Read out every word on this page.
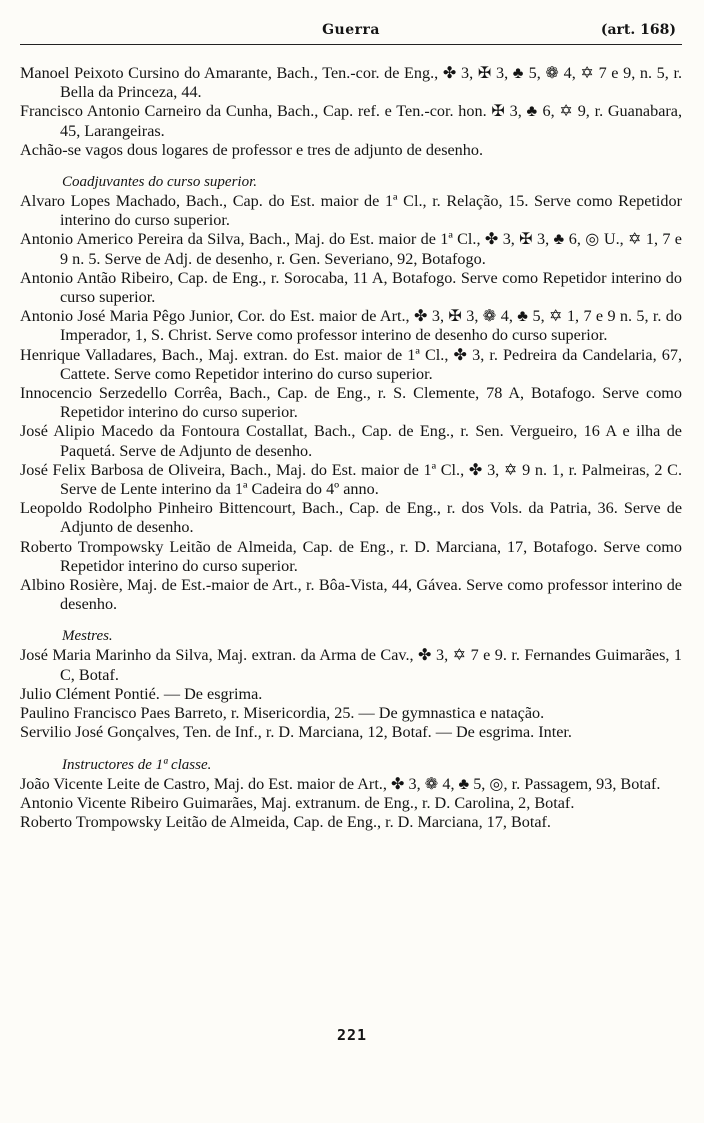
Guerra	(art. 168)

Manoel Peixoto Cursino do Amarante, Bach., Ten.-cor. de Eng., ✤ 3, ✠ 3, ♣ 5, ❁ 4, ✡ 7 e 9, n. 5, r. Bella da Princeza, 44.

Francisco Antonio Carneiro da Cunha, Bach., Cap. ref. e Ten.-cor. hon. ✠ 3, ♣ 6, ✡ 9, r. Guanabara, 45, Larangeiras.

Achão-se vagos dous logares de professor e tres de adjunto de desenho.

Coadjuvantes do curso superior.

Alvaro Lopes Machado, Bach., Cap. do Est. maior de 1ª Cl., r. Relação, 15. Serve como Repetidor interino do curso superior.

Antonio Americo Pereira da Silva, Bach., Maj. do Est. maior de 1ª Cl., ✤ 3, ✠ 3, ♣ 6, ◎ U., ✡ 1, 7 e 9 n. 5. Serve de Adj. de desenho, r. Gen. Severiano, 92, Botafogo.

Antonio Antão Ribeiro, Cap. de Eng., r. Sorocaba, 11 A, Botafogo. Serve como Repetidor interino do curso superior.

Antonio José Maria Pêgo Junior, Cor. do Est. maior de Art., ✤ 3, ✠ 3, ❁ 4, ♣ 5, ✡ 1, 7 e 9 n. 5, r. do Imperador, 1, S. Christ. Serve como professor interino de desenho do curso superior.

Henrique Valladares, Bach., Maj. extran. do Est. maior de 1ª Cl., ✤ 3, r. Pedreira da Candelaria, 67, Cattete. Serve como Repetidor interino do curso superior.

Innocencio Serzedello Corrêa, Bach., Cap. de Eng., r. S. Clemente, 78 A, Botafogo. Serve como Repetidor interino do curso superior.

José Alipio Macedo da Fontoura Costallat, Bach., Cap. de Eng., r. Sen. Vergueiro, 16 A e ilha de Paquetá. Serve de Adjunto de desenho.

José Felix Barbosa de Oliveira, Bach., Maj. do Est. maior de 1ª Cl., ✤ 3, ✡ 9 n. 1, r. Palmeiras, 2 C. Serve de Lente interino da 1ª Cadeira do 4º anno.

Leopoldo Rodolpho Pinheiro Bittencourt, Bach., Cap. de Eng., r. dos Vols. da Patria, 36. Serve de Adjunto de desenho.

Roberto Trompowsky Leitão de Almeida, Cap. de Eng., r. D. Marciana, 17, Botafogo. Serve como Repetidor interino do curso superior.

Albino Rosière, Maj. de Est.-maior de Art., r. Bôa-Vista, 44, Gávea. Serve como professor interino de desenho.

Mestres.

José Maria Marinho da Silva, Maj. extran. da Arma de Cav., ✤ 3, ✡ 7 e 9. r. Fernandes Guimarães, 1 C, Botaf.

Julio Clément Pontié. — De esgrima.

Paulino Francisco Paes Barreto, r. Misericordia, 25. — De gymnastica e natação.

Servilio José Gonçalves, Ten. de Inf., r. D. Marciana, 12, Botaf. — De esgrima. Inter.

Instructores de 1ª classe.

João Vicente Leite de Castro, Maj. do Est. maior de Art., ✤ 3, ❁ 4, ♣ 5, ◎, r. Passagem, 93, Botaf.

Antonio Vicente Ribeiro Guimarães, Maj. extranum. de Eng., r. D. Carolina, 2, Botaf.

Roberto Trompowsky Leitão de Almeida, Cap. de Eng., r. D. Marciana, 17, Botaf.

221
